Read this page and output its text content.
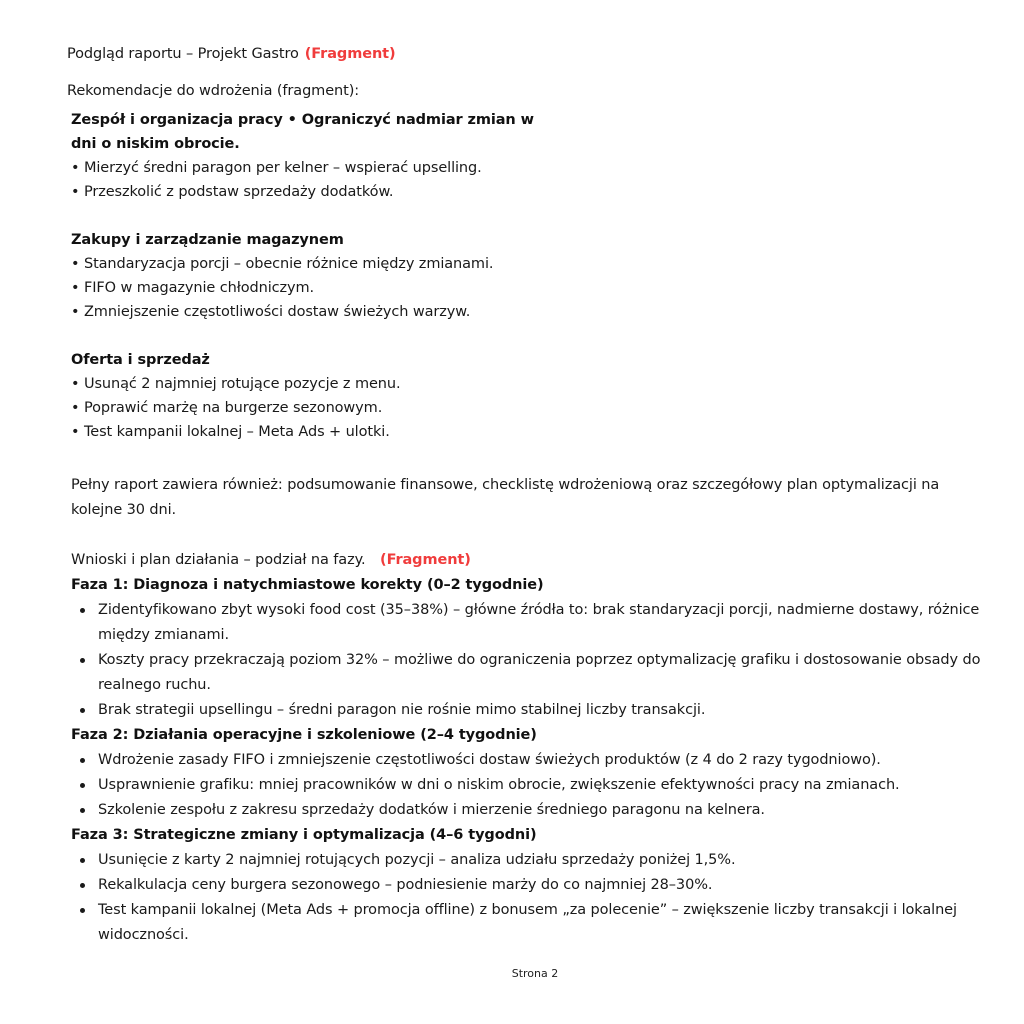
Podgląd raportu – Projekt Gastro (Fragment)
Rekomendacje do wdrożenia (fragment):
Zespół i organizacja pracy • Ograniczyć nadmiar zmian w dni o niskim obrocie.
• Mierzyć średni paragon per kelner – wspierać upselling.
• Przeszkolić z podstaw sprzedaży dodatków.
Zakupy i zarządzanie magazynem
• Standaryzacja porcji – obecnie różnice między zmianami.
• FIFO w magazynie chłodniczym.
• Zmniejszenie częstotliwości dostaw świeżych warzyw.
Oferta i sprzedaż
• Usunąć 2 najmniej rotujące pozycje z menu.
• Poprawić marżę na burgerze sezonowym.
• Test kampanii lokalnej – Meta Ads + ulotki.
Pełny raport zawiera również: podsumowanie finansowe, checklistę wdrożeniową oraz szczegółowy plan optymalizacji na kolejne 30 dni.
Wnioski i plan działania – podział na fazy. (Fragment)
Faza 1: Diagnoza i natychmiastowe korekty (0–2 tygodnie)
Zidentyfikowano zbyt wysoki food cost (35–38%) – główne źródła to: brak standaryzacji porcji, nadmierne dostawy, różnice między zmianami.
Koszty pracy przekraczają poziom 32% – możliwe do ograniczenia poprzez optymalizację grafiku i dostosowanie obsady do realnego ruchu.
Brak strategii upsellingu – średni paragon nie rośnie mimo stabilnej liczby transakcji.
Faza 2: Działania operacyjne i szkoleniowe (2–4 tygodnie)
Wdrożenie zasady FIFO i zmniejszenie częstotliwości dostaw świeżych produktów (z 4 do 2 razy tygodniowo).
Usprawnienie grafiku: mniej pracowników w dni o niskim obrocie, zwiększenie efektywności pracy na zmianach.
Szkolenie zespołu z zakresu sprzedaży dodatków i mierzenie średniego paragonu na kelnera.
Faza 3: Strategiczne zmiany i optymalizacja (4–6 tygodni)
Usunięcie z karty 2 najmniej rotujących pozycji – analiza udziału sprzedaży poniżej 1,5%.
Rekalkulacja ceny burgera sezonowego – podniesienie marży do co najmniej 28–30%.
Test kampanii lokalnej (Meta Ads + promocja offline) z bonusem „za polecenie” – zwiększenie liczby transakcji i lokalnej widoczności.
Strona 2
